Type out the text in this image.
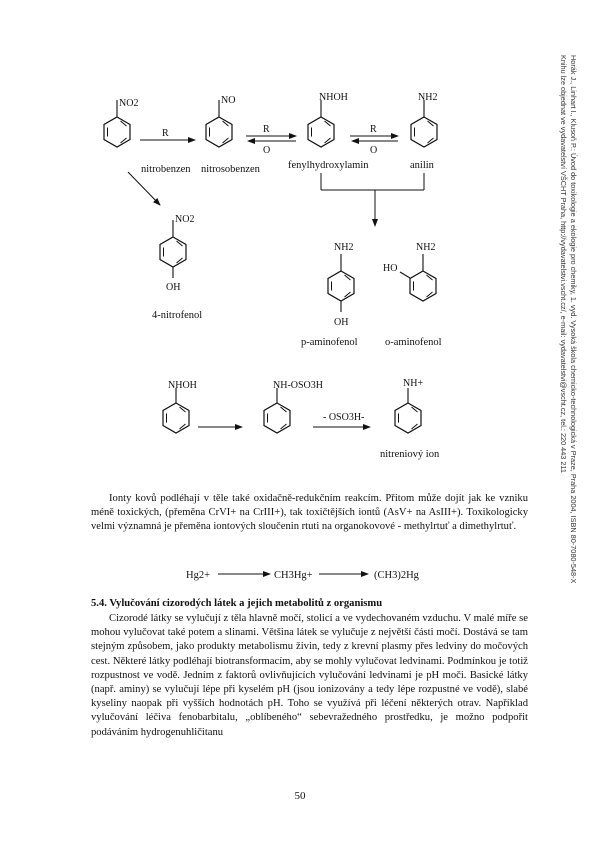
NO2	NO	NHOH	NH2
R	R
O
R
O
nitrobenzen nitrosobenzen	fenylhydroxylamin	anilin
NO2
OH
4-nitrofenol
NH2
OH
p-aminofenol
NH2
HO
o-aminofenol
NHOH	NH-OSO3H
- OSO3H-
NH+
nitreniový ion	Horák J., Linhart I., Klusoň P.: Úvod do toxikologie a ekologie pro chemiky, 1. vyd. Vysoká škola chemicko-technologická v Praze, Praha 2004, ISBN 80-7080-548-X
Knihu lze objednat ve vydavatelství VŠCHT Praha, http://vydavatelstvi.vscht.cz/, e-mail: vydavatelstvi@vscht.cz, tel.: 220 443 211

Ionty kovů podléhají v těle také oxidačně-redukčním reakcím. Přitom může dojít jak ke vzniku méně toxických, (přeměna CrVI+ na CrIII+), tak toxičtějších iontů (AsV+ na AsIII+). Toxikologicky velmi významná je přeměna iontových sloučenin rtuti na organokovové - methylrtuť a dimethylrtuť.

Hg2+	CH3Hg+	(CH3)2Hg
5.4. Vylučování cizorodých látek a jejich metabolitů z organismu

Cizorodé látky se vylučují z těla hlavně močí, stolicí a ve vydechovaném vzduchu. V malé míře se mohou vylučovat také potem a slinami. Většina látek se vylučuje z největší části močí. Dostává se tam stejným způsobem, jako produkty metabolismu živin, tedy z krevní plasmy přes ledviny do močových cest. Některé látky podléhají biotransformacím, aby se mohly vylučovat ledvinami. Podmínkou je totiž rozpustnost ve vodě. Jedním z faktorů ovlivňujících vylučování ledvinami je pH moči. Basické látky (např. aminy) se vylučují lépe při kyselém pH (jsou ionizovány a tedy lépe rozpustné ve vodě), slabé kyseliny naopak při vyšších hodnotách pH. Toho se využívá při léčení některých otrav. Například vylučování léčiva fenobarbitalu, „oblíbeného“ sebevražedného prostředku, je možno podpořit podáváním hydrogenuhličitanu

50
